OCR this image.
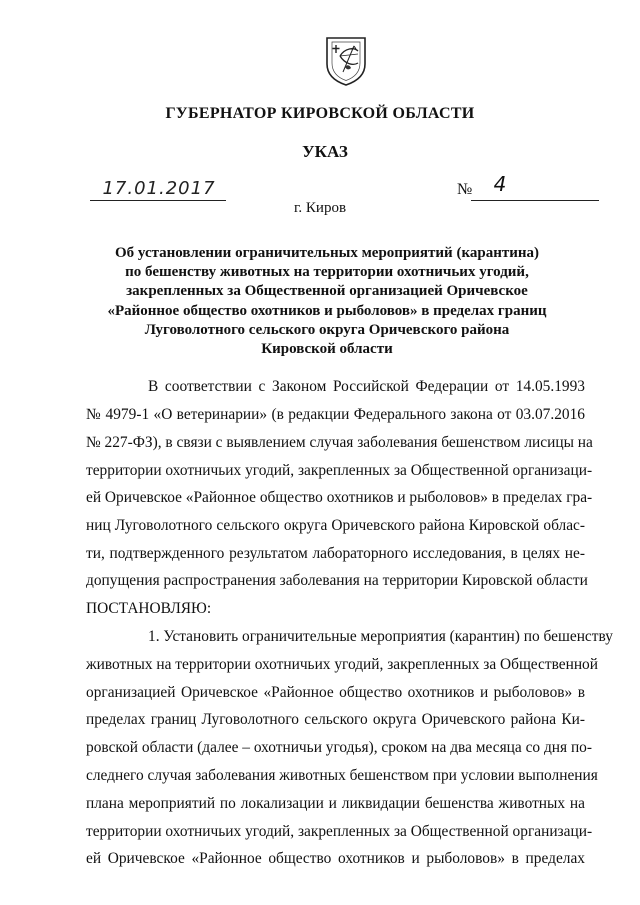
ГУБЕРНАТОР КИРОВСКОЙ ОБЛАСТИ
УКАЗ
17.01.2017	№	4
г. Киров
Об установлении ограничительных мероприятий (карантина)
по бешенству животных на территории охотничьих угодий,
закрепленных за Общественной организацией Оричевское
«Районное общество охотников и рыболовов» в пределах границ
Луговолотного сельского округа Оричевского района
Кировской области
В соответствии с Законом Российской Федерации от 14.05.1993
№ 4979-1 «О ветеринарии» (в редакции Федерального закона от 03.07.2016
№ 227-ФЗ), в связи с выявлением случая заболевания бешенством лисицы на
территории охотничьих угодий, закрепленных за Общественной организаци-
ей Оричевское «Районное общество охотников и рыболовов» в пределах гра-
ниц Луговолотного сельского округа Оричевского района Кировской облас-
ти, подтвержденного результатом лабораторного исследования, в целях не-
допущения распространения заболевания на территории Кировской области
ПОСТАНОВЛЯЮ:
1. Установить ограничительные мероприятия (карантин) по бешенству
животных на территории охотничьих угодий, закрепленных за Общественной
организацией Оричевское «Районное общество охотников и рыболовов» в
пределах границ Луговолотного сельского округа Оричевского района Ки-
ровской области (далее – охотничьи угодья), сроком на два месяца со дня по-
следнего случая заболевания животных бешенством при условии выполнения
плана мероприятий по локализации и ликвидации бешенства животных на
территории охотничьих угодий, закрепленных за Общественной организаци-
ей Оричевское «Районное общество охотников и рыболовов» в пределах
